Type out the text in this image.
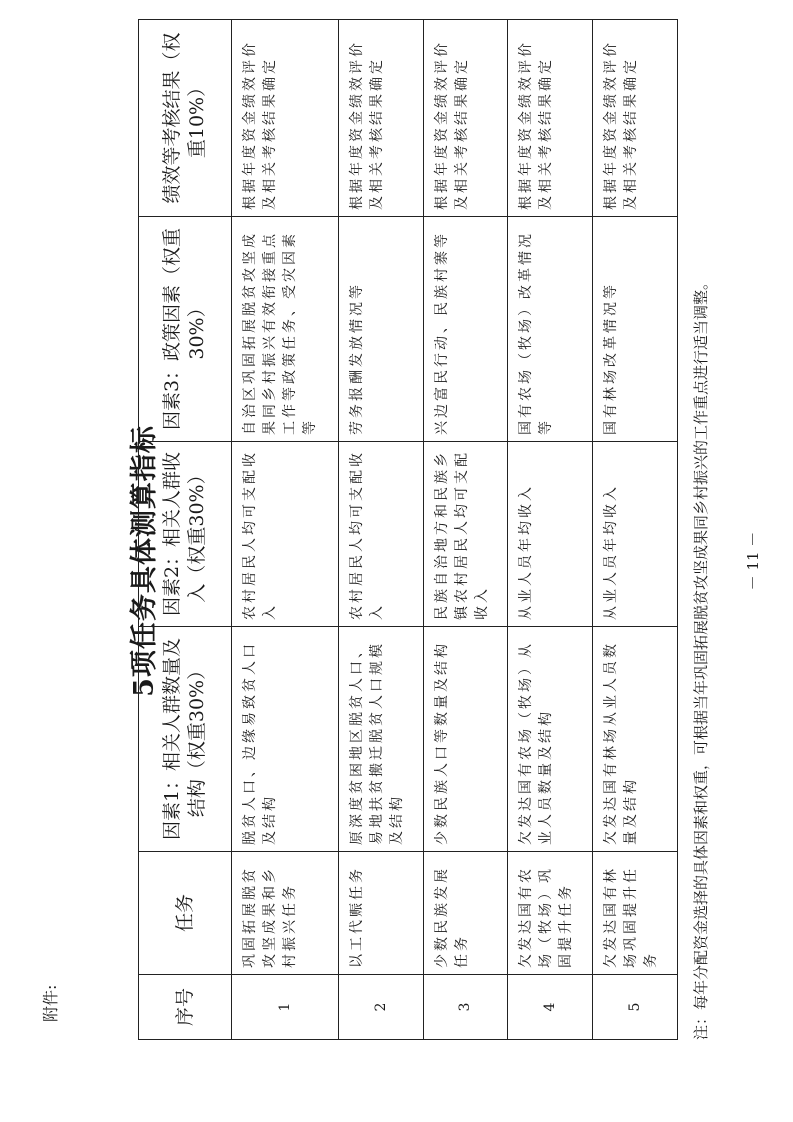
附件:
5项任务具体测算指标
序号	任务	因素1：相关人群数量及结构（权重30%）	因素2：相关人群收入（权重30%）	因素3：政策因素（权重30%）	绩效等考核结果（权重10%）
1	巩固拓展脱贫攻坚成果和乡村振兴任务	脱贫人口、边缘易致贫人口及结构	农村居民人均可支配收入	自治区巩固拓展脱贫攻坚成果同乡村振兴有效衔接重点工作等政策任务、受灾因素等	根据年度资金绩效评价及相关考核结果确定
2	以工代赈任务	原深度贫困地区脱贫人口、易地扶贫搬迁脱贫人口规模及结构	农村居民人均可支配收入	劳务报酬发放情况等	根据年度资金绩效评价及相关考核结果确定
3	少数民族发展任务	少数民族人口等数量及结构	民族自治地方和民族乡镇农村居民人均可支配收入	兴边富民行动、民族村寨等	根据年度资金绩效评价及相关考核结果确定
4	欠发达国有农场（牧场）巩固提升任务	欠发达国有农场（牧场）从业人员数量及结构	从业人员年均收入	国有农场（牧场）改革情况等	根据年度资金绩效评价及相关考核结果确定
5	欠发达国有林场巩固提升任务	欠发达国有林场从业人员数量及结构	从业人员年均收入	国有林场改革情况等	根据年度资金绩效评价及相关考核结果确定
注：每年分配资金选择的具体因素和权重，可根据当年巩固拓展脱贫攻坚成果同乡村振兴的工作重点进行适当调整。 － 11 －
